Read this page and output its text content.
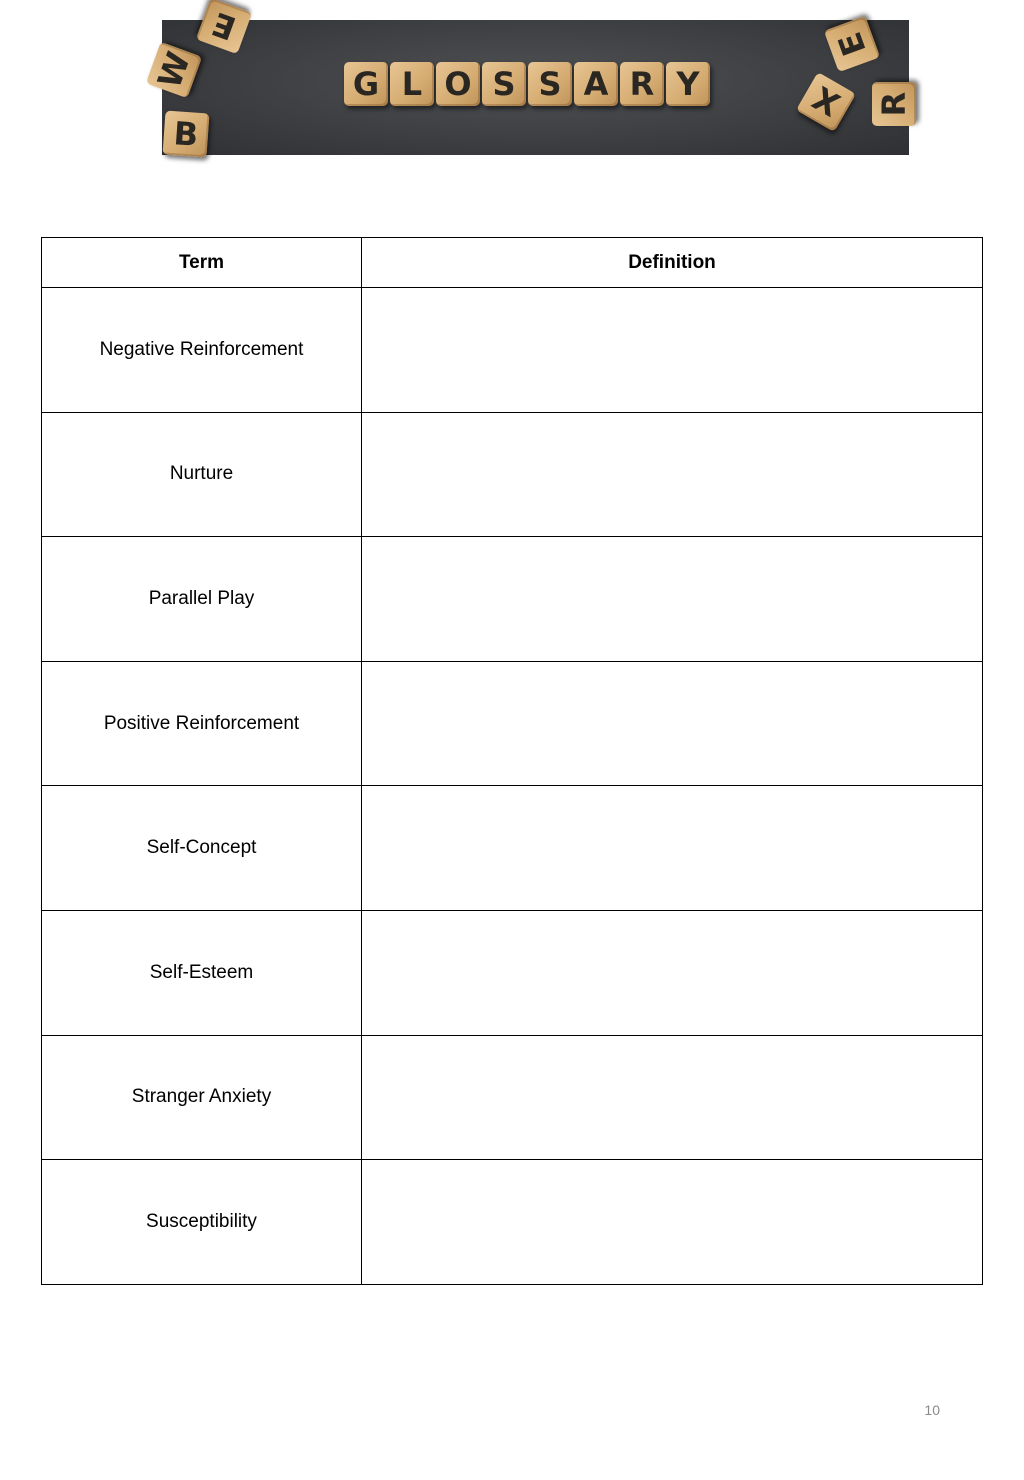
E
W
B
E
X R
G L O S S A R Y
Term	Definition
Negative Reinforcement	
Nurture	
Parallel Play	
Positive Reinforcement	
Self-Concept	
Self-Esteem	
Stranger Anxiety	
Susceptibility	
10
